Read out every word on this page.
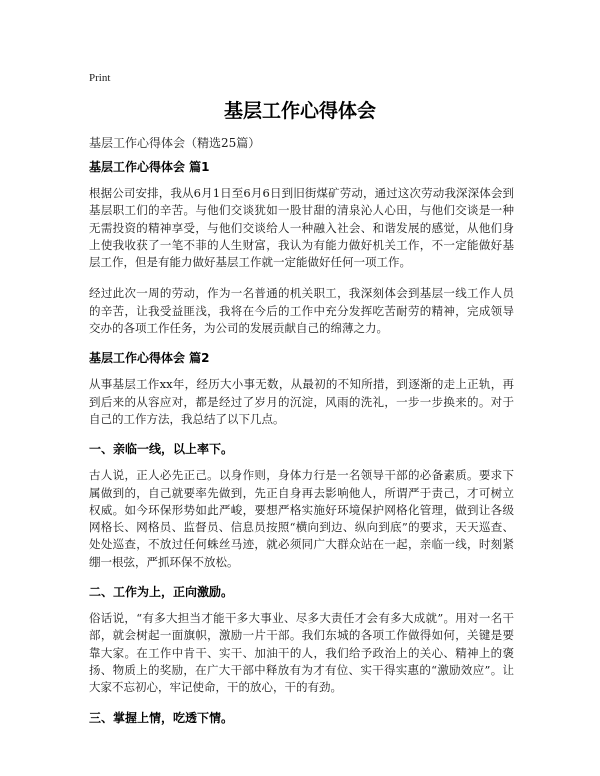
Print
基层工作心得体会
基层工作心得体会（精选25篇）
基层工作心得体会 篇1

根据公司安排，我从6月1日至6月6日到旧街煤矿劳动，通过这次劳动我深深体会到基层职工们的辛苦。与他们交谈犹如一股甘甜的清泉沁人心田，与他们交谈是一种无需投资的精神享受，与他们交谈给人一种融入社会、和谐发展的感觉，从他们身上使我收获了一笔不菲的人生财富，我认为有能力做好机关工作，不一定能做好基层工作，但是有能力做好基层工作就一定能做好任何一项工作。

经过此次一周的劳动，作为一名普通的机关职工，我深刻体会到基层一线工作人员的辛苦，让我受益匪浅，我将在今后的工作中充分发挥吃苦耐劳的精神，完成领导交办的各项工作任务，为公司的发展贡献自己的绵薄之力。

基层工作心得体会 篇2

从事基层工作xx年，经历大小事无数，从最初的不知所措，到逐渐的走上正轨，再到后来的从容应对，都是经过了岁月的沉淀，风雨的洗礼，一步一步换来的。对于自己的工作方法，我总结了以下几点。

一、亲临一线，以上率下。

古人说，正人必先正己。以身作则，身体力行是一名领导干部的必备素质。要求下属做到的，自己就要率先做到，先正自身再去影响他人，所谓严于责己，才可树立权威。如今环保形势如此严峻，要想严格实施好环境保护网格化管理，做到让各级网格长、网格员、监督员、信息员按照“横向到边、纵向到底”的要求，天天巡查、处处巡查，不放过任何蛛丝马迹，就必须同广大群众站在一起，亲临一线，时刻紧绷一根弦，严抓环保不放松。

二、工作为上，正向激励。

俗话说，“有多大担当才能干多大事业、尽多大责任才会有多大成就”。用对一名干部，就会树起一面旗帜，激励一片干部。我们东城的各项工作做得如何，关键是要靠大家。在工作中肯干、实干、加油干的人，我们给予政治上的关心、精神上的褒扬、物质上的奖励，在广大干部中释放有为才有位、实干得实惠的“激励效应”。让大家不忘初心，牢记使命，干的放心，干的有劲。

三、掌握上情，吃透下情。
